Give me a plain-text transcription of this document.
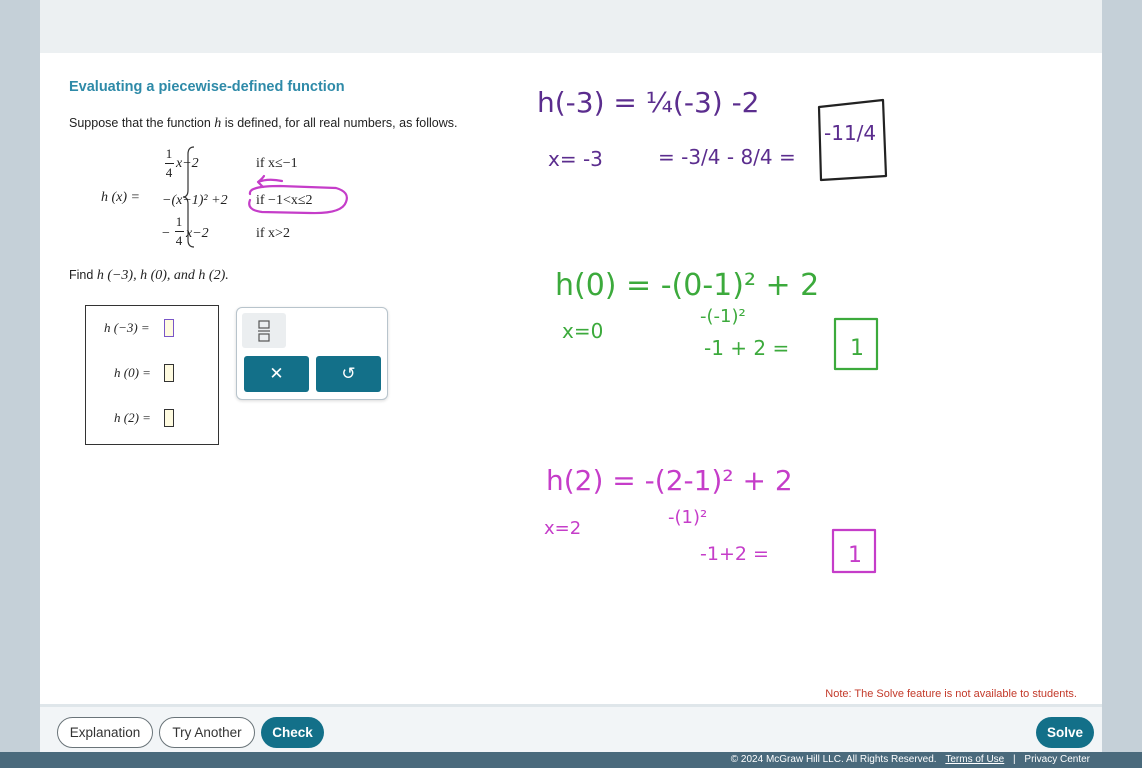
Evaluating a piecewise-defined function
Suppose that the function h is defined, for all real numbers, as follows.
h (x) =
1
4
x−2	if x≤−1
−(x−1)² +2 if −1<x≤2
−
1
4 x−2	if x>2
Find h (−3), h (0), and h (2).
h (−3) =
h (0) =
h (2) =
✕	↺
h(-3) = ¼(-3) -2
x= -3	= -3/4 - 8/4 =
-11/4
h(0) = -(0-1)² + 2
x=0
-(-1)²
-1 + 2 =	1
h(2) = -(2-1)² + 2
x=2
-(1)²
-1+2 =	1
Note: The Solve feature is not available to students.
Explanation	Try Another	Check	Solve
© 2024 McGraw Hill LLC. All Rights Reserved. Terms of Use | Privacy Center
